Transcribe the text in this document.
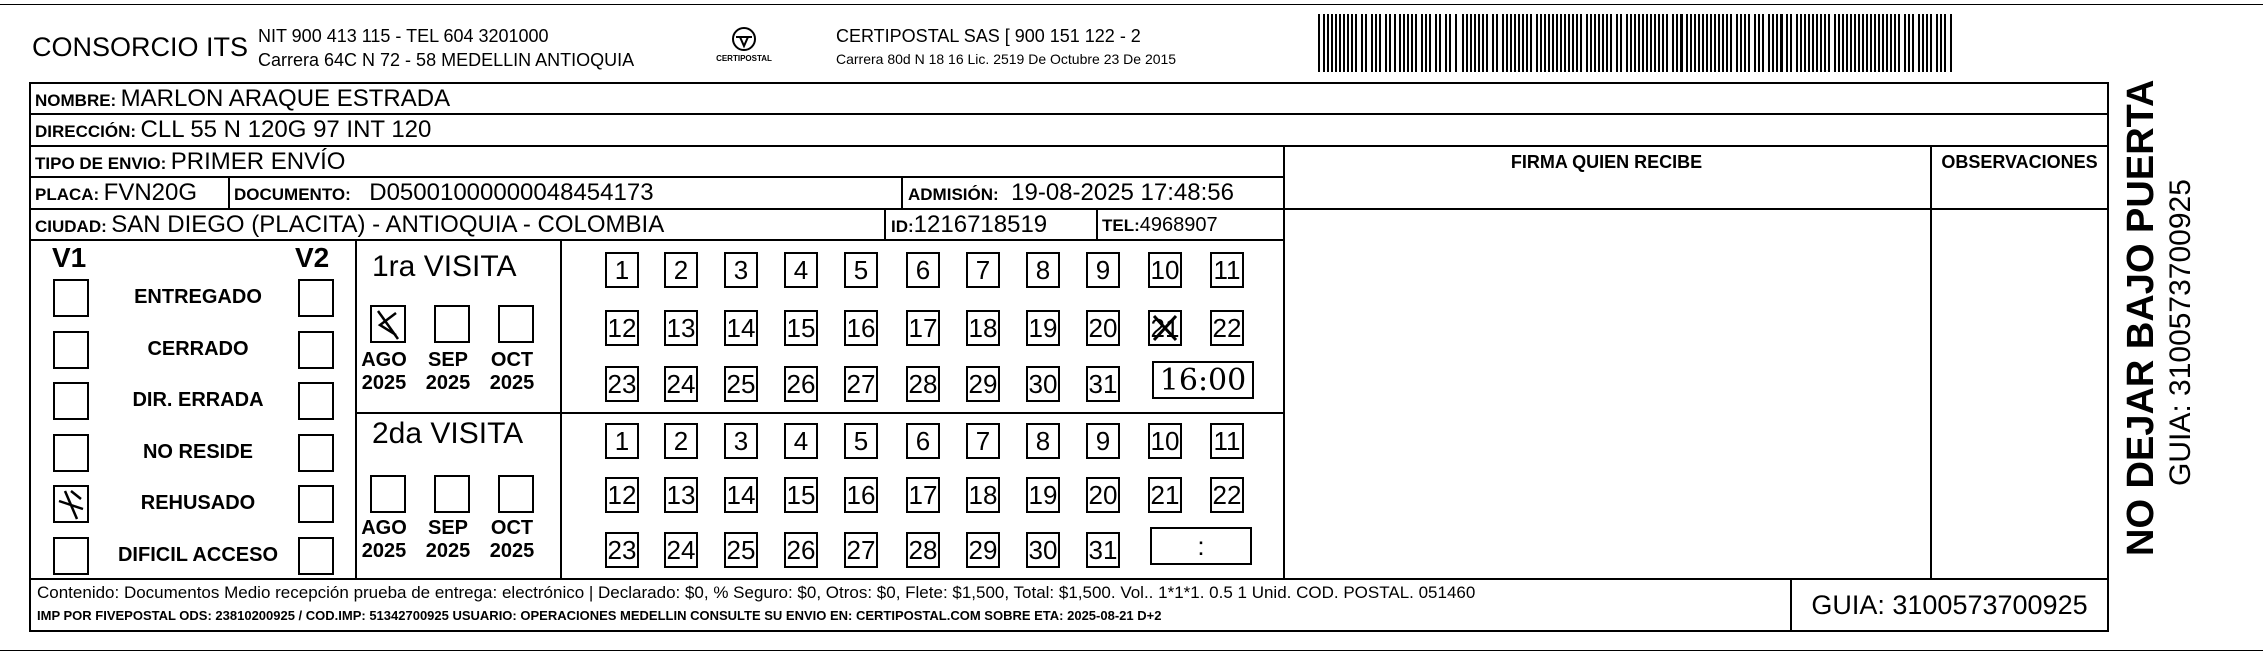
CONSORCIO ITS NIT 900 413 115 - TEL 604 3201000
Carrera 64C N 72 - 58 MEDELLIN ANTIOQUIA	CERTIPOSTAL
CERTIPOSTAL SAS [ 900 151 122 - 2
Carrera 80d N 18 16 Lic. 2519 De Octubre 23 De 2015
NOMBRE: MARLON ARAQUE ESTRADA
DIRECCIÓN: CLL 55 N 120G 97 INT 120
TIPO DE ENVIO: PRIMER ENVÍO	FIRMA QUIEN RECIBE	OBSERVACIONES
PLACA: FVN20G DOCUMENTO: D05001000000048454173	ADMISIÓN: 19-08-2025 17:48:56
CIUDAD: SAN DIEGO (PLACITA) - ANTIOQUIA - COLOMBIA	ID:1216718519	TEL:4968907
V1	V2
ENTREGADO
CERRADO
DIR. ERRADA
NO RESIDE
REHUSADO
DIFICIL ACCESO
1ra VISITA
AGO
2025
SEP
2025
OCT
2025
1 2 3 4 5 6 7 8 9 10 11
12 13 14 15 16 17 18 19 20 21 22
23 24 25 26 27 28 29 30 31 16:00
2da VISITA
AGO
2025
SEP
2025
OCT
2025
1 2 3 4 5 6 7 8 9 10 11
12 13 14 15 16 17 18 19 20 21 22
23 24 25 26 27 28 29 30 31	:
Contenido: Documentos Medio recepción prueba de entrega: electrónico | Declarado: $0, % Seguro: $0, Otros: $0, Flete: $1,500, Total: $1,500. Vol.. 1*1*1. 0.5 1 Unid. COD. POSTAL. 051460
IMP POR FIVEPOSTAL ODS: 23810200925 / COD.IMP: 51342700925 USUARIO: OPERACIONES MEDELLIN CONSULTE SU ENVIO EN: CERTIPOSTAL.COM SOBRE ETA: 2025-08-21 D+2	GUIA: 3100573700925
NO DEJAR BAJO PUERTA GUIA: 3100573700925
